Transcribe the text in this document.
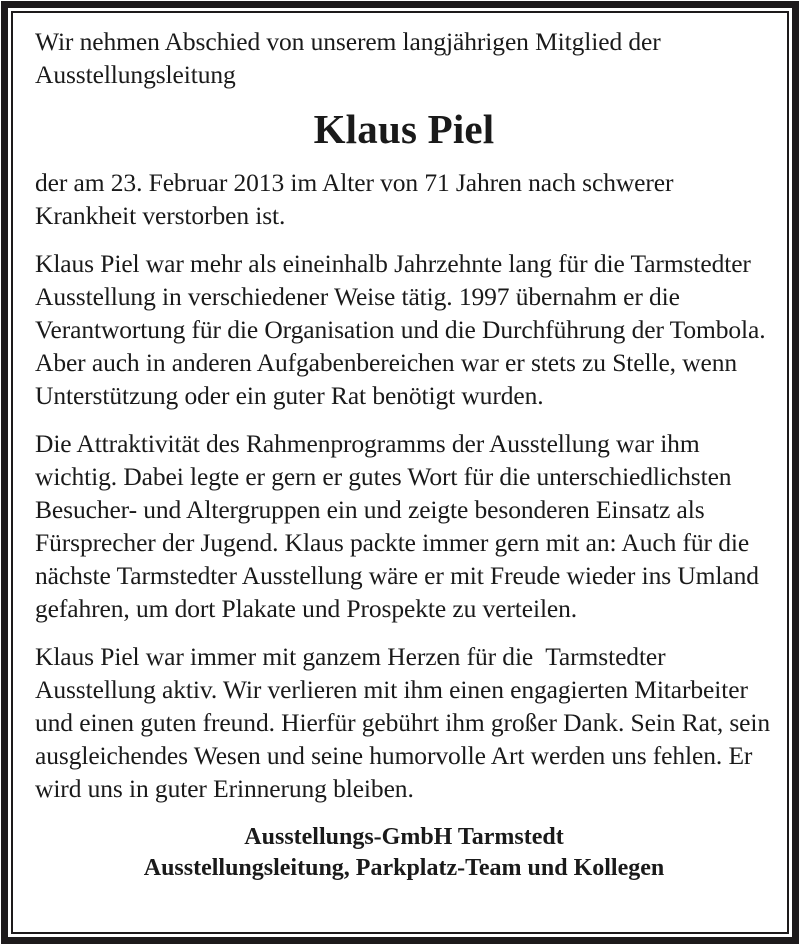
Wir nehmen Abschied von unserem langjährigen Mitglied der Ausstellungsleitung

Klaus Piel

der am 23. Februar 2013 im Alter von 71 Jahren nach schwerer Krankheit verstorben ist.

Klaus Piel war mehr als eineinhalb Jahrzehnte lang für die Tarmstedter Ausstellung in verschiedener Weise tätig. 1997 übernahm er die Verantwortung für die Organisation und die Durchführung der Tombola. Aber auch in anderen Aufgabenbereichen war er stets zu Stelle, wenn Unterstützung oder ein guter Rat benötigt wurden.

Die Attraktivität des Rahmenprogramms der Ausstellung war ihm wichtig. Dabei legte er gern er gutes Wort für die unterschiedlichsten Besucher- und Altergruppen ein und zeigte besonderen Einsatz als Fürsprecher der Jugend. Klaus packte immer gern mit an: Auch für die nächste Tarmstedter Ausstellung wäre er mit Freude wieder ins Umland gefahren, um dort Plakate und Prospekte zu verteilen.

Klaus Piel war immer mit ganzem Herzen für die  Tarmstedter Ausstellung aktiv. Wir verlieren mit ihm einen engagierten Mitarbeiter und einen guten freund. Hierfür gebührt ihm großer Dank. Sein Rat, sein ausgleichendes Wesen und seine humorvolle Art werden uns fehlen. Er wird uns in guter Erinnerung bleiben.

Ausstellungs-GmbH Tarmstedt
Ausstellungsleitung, Parkplatz-Team und Kollegen
